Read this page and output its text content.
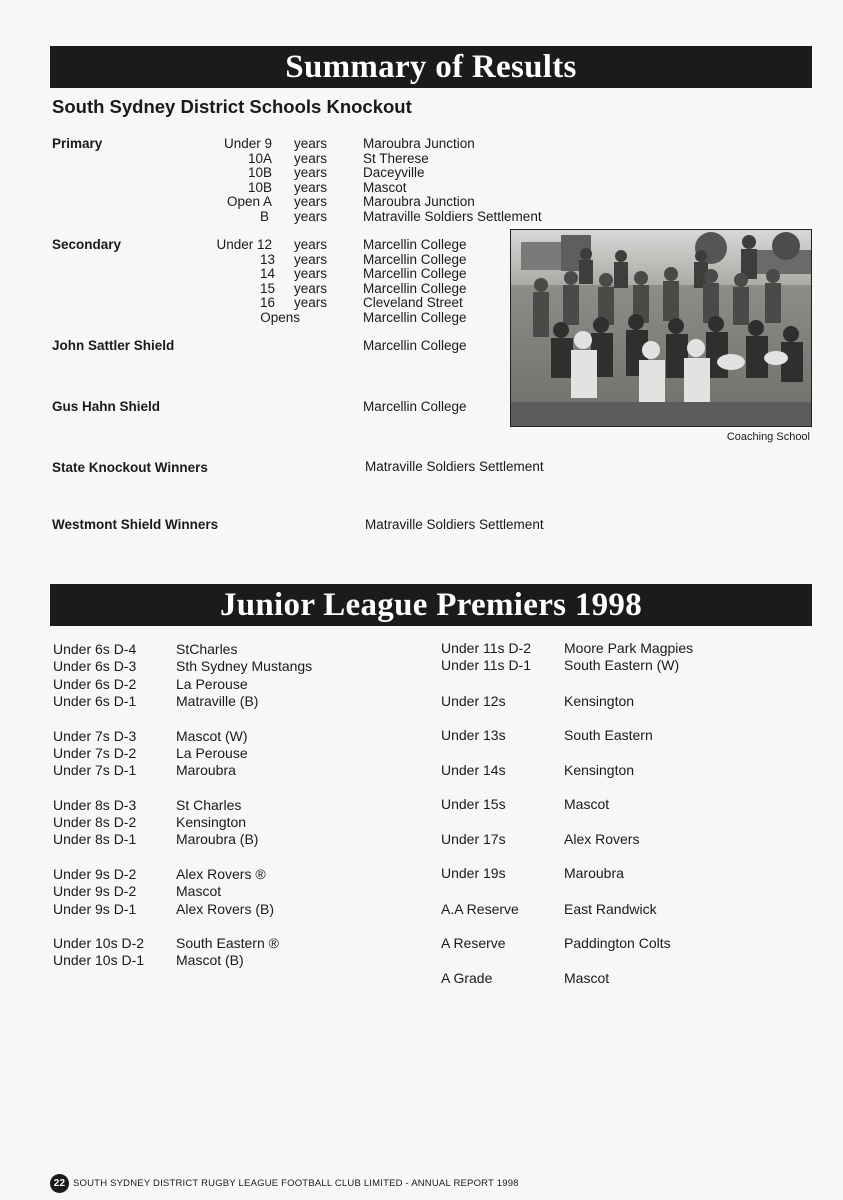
Summary of Results
South Sydney District Schools Knockout
Primary	Under 9 years	Maroubra Junction
10A years	St Therese
10B years	Daceyville
10B years	Mascot
Open A years	Maroubra Junction
B years	Matraville Soldiers Settlement
Secondary	Under 12 years	Marcellin College
13 years	Marcellin College
14 years	Marcellin College
15 years	Marcellin College
16 years	Cleveland Street
Opens	Marcellin College
John Sattler Shield	Marcellin College
Gus Hahn Shield	Marcellin College
State Knockout Winners	Matraville Soldiers Settlement
Westmont Shield Winners	Matraville Soldiers Settlement
Coaching School
Junior League Premiers 1998
Under 6s D-4	StCharles
Under 6s D-3	Sth Sydney Mustangs
Under 6s D-2	La Perouse
Under 6s D-1	Matraville (B)
Under 7s D-3	Mascot (W)
Under 7s D-2	La Perouse
Under 7s D-1	Maroubra
Under 8s D-3	St Charles
Under 8s D-2	Kensington
Under 8s D-1	Maroubra (B)
Under 9s D-2	Alex Rovers ®
Under 9s D-2	Mascot
Under 9s D-1	Alex Rovers (B)
Under 10s D-2 South Eastern ®
Under 10s D-1 Mascot (B)
Under 11s D-2 Moore Park Magpies
Under 11s D-1 South Eastern (W)
Under 12s	Kensington
Under 13s	South Eastern
Under 14s	Kensington
Under 15s	Mascot
Under 17s	Alex Rovers
Under 19s	Maroubra
A.A Reserve	East Randwick
A Reserve	Paddington Colts
A Grade	Mascot
22 SOUTH SYDNEY DISTRICT RUGBY LEAGUE FOOTBALL CLUB LIMITED - ANNUAL REPORT 1998
